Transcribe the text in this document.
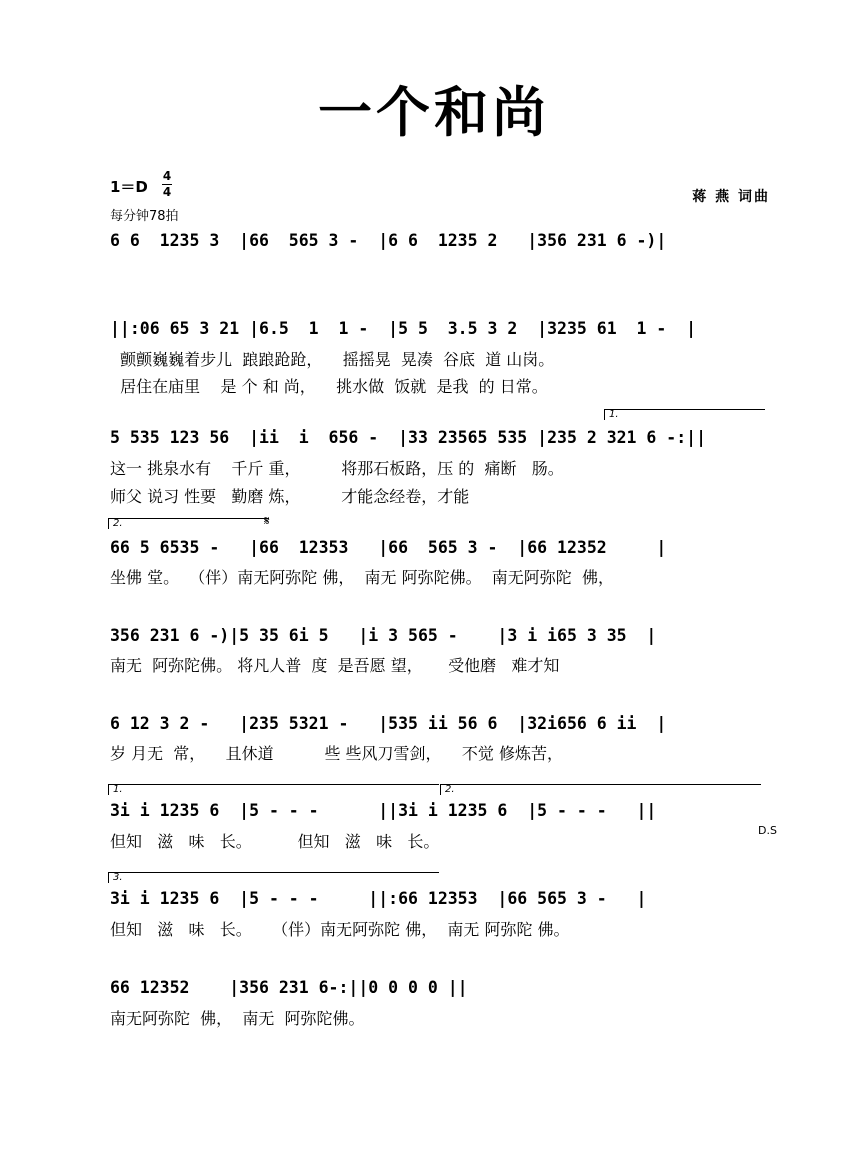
一个和尚
1＝D
4
4
每分钟78拍
蒋 燕 词曲
6 6  1235 3  |66  565 3 -  |6 6  1235 2   |356 231 6 -)|
||:06 65 3 21 |6.5  1  1 -  |5 5  3.5 3 2  |3235 61  1 -  |
颤颤巍巍着步儿  踉踉跄跄，    摇摇晃  晃凑  谷底  道 山岗。
居住在庙里    是 个 和 尚，    挑水做  饭就  是我  的 日常。
5 535 123 56  |ii  i  656 -  |33 23565 535 |235 2 321 6 -:||
1.
这一 挑泉水有    千斤 重，        将那石板路，压 的  痛断   肠。
师父 说习 性要   勤磨 炼，        才能念经卷，才能
2.	𝄋
66 5 6535 -   |66  12353   |66  565 3 -  |66 12352     |
坐佛 堂。  （伴）南无阿弥陀 佛，  南无 阿弥陀佛。  南无阿弥陀  佛，
356 231 6 -)|5 35 6i 5   |i 3 565 -    |3 i i65 3 35  |
南无  阿弥陀佛。 将凡人普  度  是吾愿 望，     受他磨   难才知
6 12 3 2 -   |235 5321 -   |535 ii 56 6  |32i656 6 ii  |
岁 月无  常，    且休道          些 些风刀雪剑，    不觉 修炼苦，
1.	2.
3i i 1235 6  |5 - - -      ||3i i 1235 6  |5 - - -   ||
D.S
但知   滋   味   长。         但知   滋   味   长。
3.
3i i 1235 6  |5 - - -     ||:66 12353  |66 565 3 -   |
但知   滋   味   长。    （伴）南无阿弥陀 佛，  南无 阿弥陀 佛。
66 12352    |356 231 6-:||0 0 0 0 ||
南无阿弥陀  佛，  南无  阿弥陀佛。
